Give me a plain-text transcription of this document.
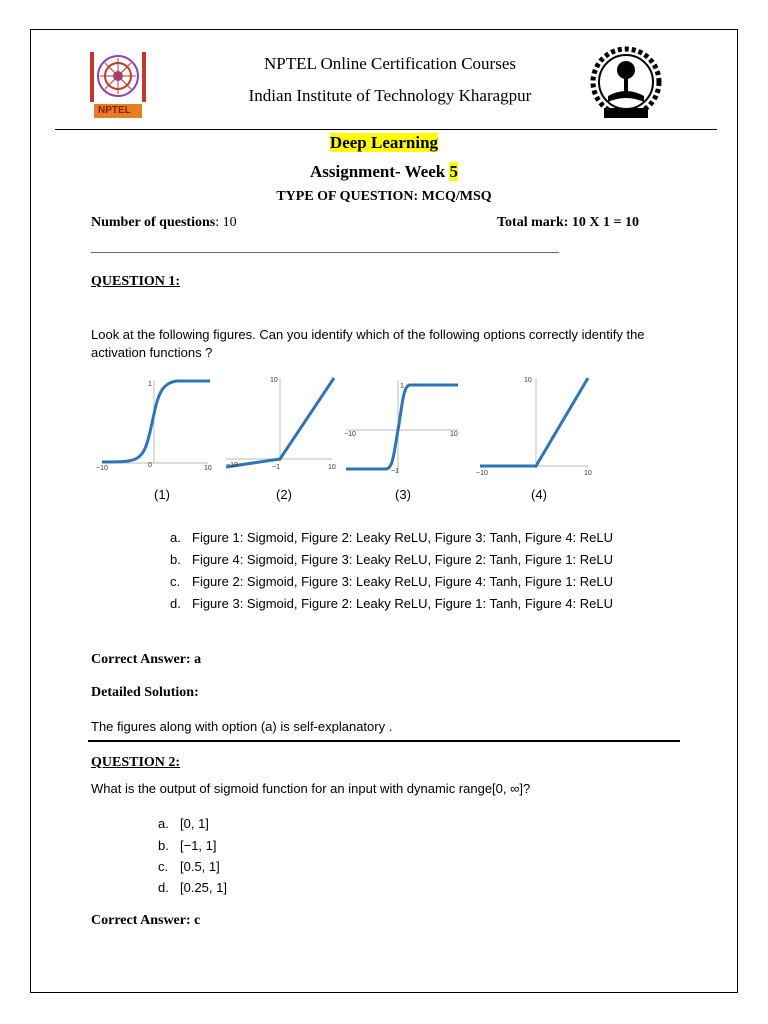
NPTEL
NPTEL Online Certification Courses
Indian Institute of Technology Kharagpur
Deep Learning
Assignment- Week 5
TYPE OF QUESTION: MCQ/MSQ
Number of questions: 10	Total mark: 10 X 1 = 10
______________________________________________________________________________
QUESTION 1:
Look at the following figures. Can you identify which of the following options correctly identify the activation functions ?
1
0
−10	10
10
−10	−1	10
1
−10	10
−1
10
−10	10
(1)	(2)	(3)	(4)
a. Figure 1: Sigmoid, Figure 2: Leaky ReLU, Figure 3: Tanh, Figure 4: ReLU
b. Figure 4: Sigmoid, Figure 3: Leaky ReLU, Figure 2: Tanh, Figure 1: ReLU
c. Figure 2: Sigmoid, Figure 3: Leaky ReLU, Figure 4: Tanh, Figure 1: ReLU
d. Figure 3: Sigmoid, Figure 2: Leaky ReLU, Figure 1: Tanh, Figure 4: ReLU
Correct Answer: a
Detailed Solution:
The figures along with option (a) is self-explanatory .
QUESTION 2:
What is the output of sigmoid function for an input with dynamic range[0, ∞]?
a. [0, 1]
b. [−1, 1]
c. [0.5, 1]
d. [0.25, 1]
Correct Answer: c
